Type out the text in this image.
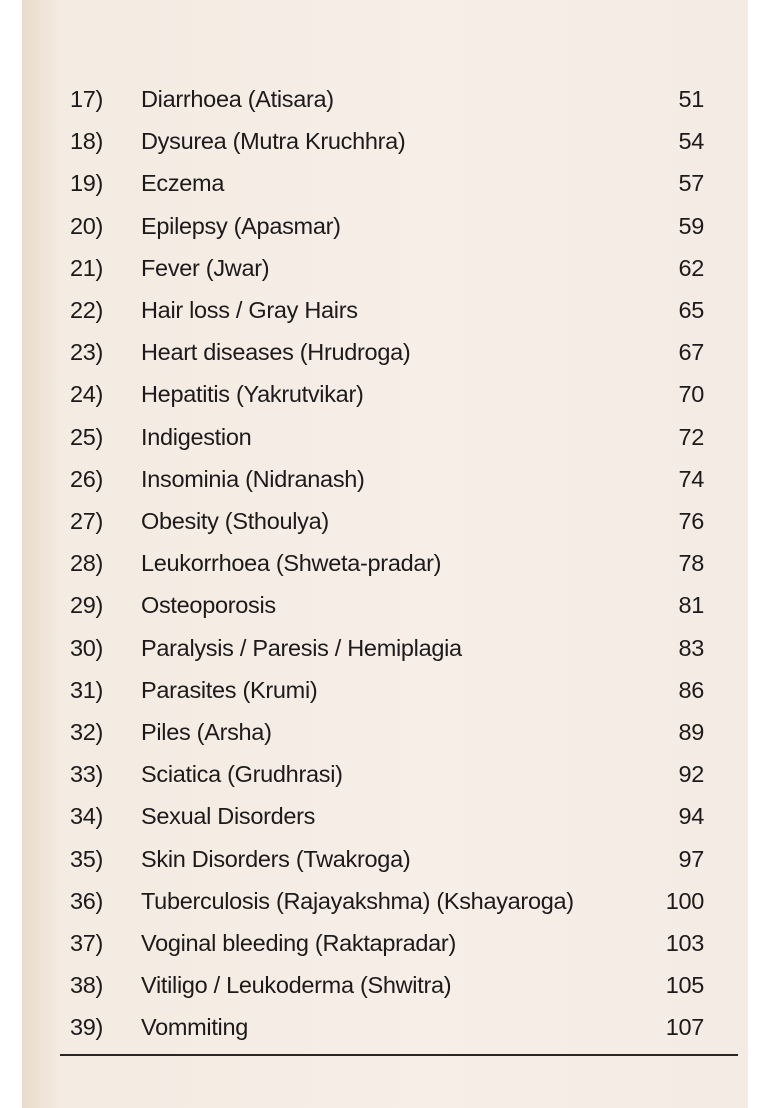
17) Diarrhoea (Atisara)	51
18) Dysurea (Mutra Kruchhra)	54
19) Eczema	57
20) Epilepsy (Apasmar)	59
21) Fever (Jwar)	62
22) Hair loss / Gray Hairs	65
23) Heart diseases (Hrudroga)	67
24) Hepatitis (Yakrutvikar)	70
25) Indigestion	72
26) Insominia (Nidranash)	74
27) Obesity (Sthoulya)	76
28) Leukorrhoea (Shweta-pradar)	78
29) Osteoporosis	81
30) Paralysis / Paresis / Hemiplagia	83
31) Parasites (Krumi)	86
32) Piles (Arsha)	89
33) Sciatica (Grudhrasi)	92
34) Sexual Disorders	94
35) Skin Disorders (Twakroga)	97
36) Tuberculosis (Rajayakshma) (Kshayaroga)	100
37) Voginal bleeding (Raktapradar)	103
38) Vitiligo / Leukoderma (Shwitra)	105
39) Vommiting	107
